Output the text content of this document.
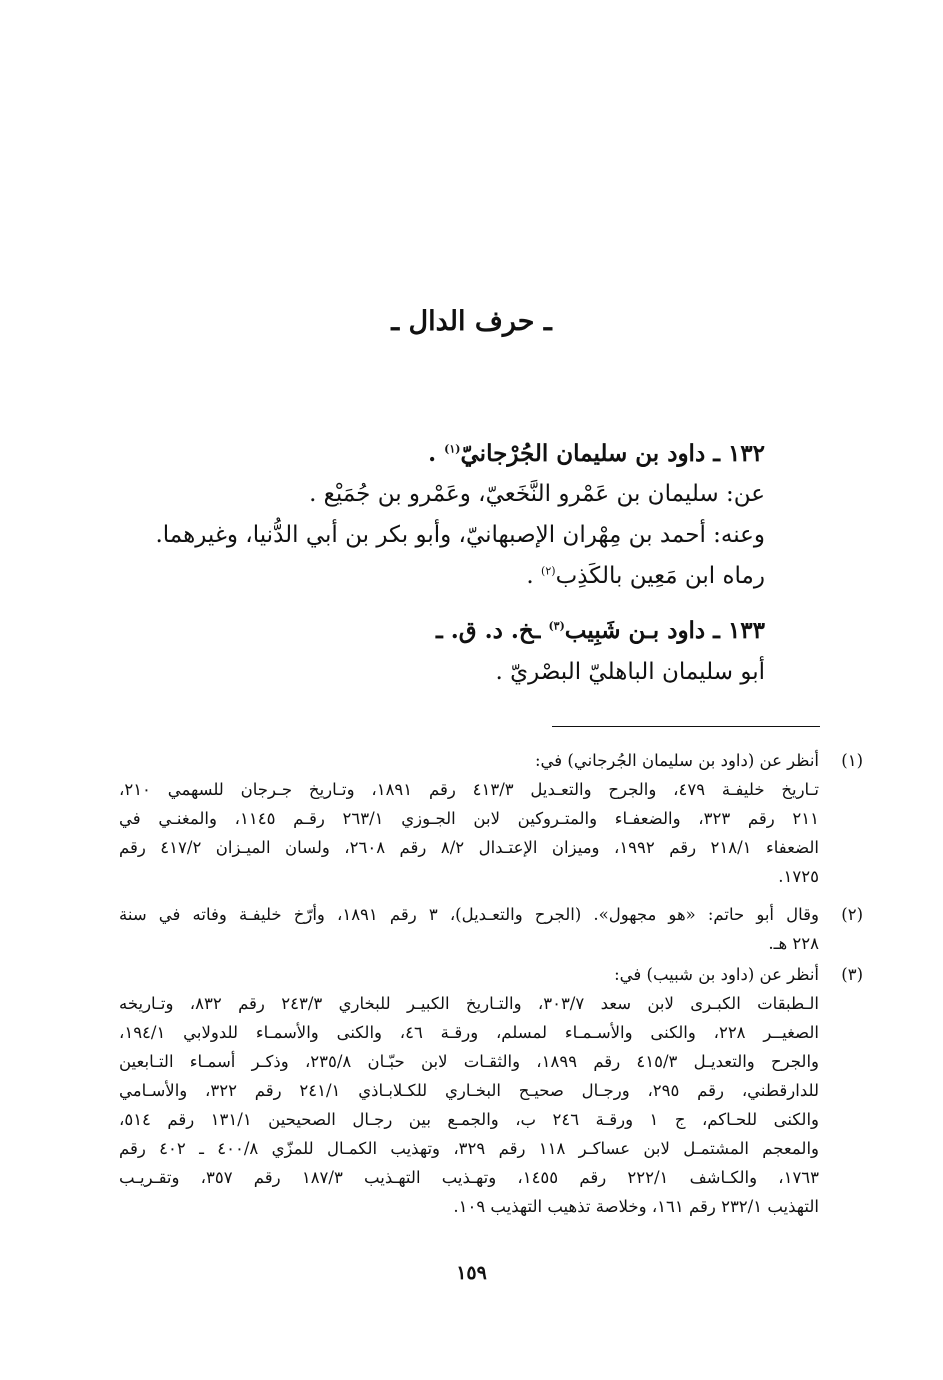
ـ حرف الدال ـ
١٣٢ ـ داود بن سليمان الجُرْجانيّ$^{(١)}$ .
عن: سليمان بن عَمْرو النَّخَعيّ، وعَمْرو بن جُمَيْع .
وعنه: أحمد بن مِهْران الإصبهانيّ، وأبو بكر بن أبي الدُّنيا، وغيرهما.
رماه ابن مَعِين بالكَذِب$^{(٢)}$ .
١٣٣ ـ داود بـن شَبِيب$^{(٣)}$ ـخ. د. ق. ـ
أبو سليمان الباهليّ البصْريّ .
(١)
أنظر عن (داود بن سليمان الجُرجاني) في:
تـاريخ خليفـة ٤٧٩، والجرح والتعـديل ٤١٣/٣ رقم ١٨٩١، وتـاريخ جـرجان للسهمي ٢١٠،
٢١١ رقم ٣٢٣، والضعفـاء والمتـروكين لابن الجـوزي ٢٦٣/١ رقـم ١١٤٥، والمغنـي في
الضعفاء ٢١٨/١ رقم ١٩٩٢، وميزان الإعتـدال ٨/٢ رقم ٢٦٠٨، ولسان الميـزان ٤١٧/٢ رقم
١٧٢٥.
(٢)
وقال أبو حاتم: «هو مجهول». (الجرح والتعـديل)، ٣ رقم ١٨٩١، وأرّخ خليفـة وفاته في سنة
٢٢٨ هـ.
(٣)
أنظر عن (داود بن شبيب) في:
الـطبقات الكبـرى لابن سعد ٣٠٣/٧، والتـاريخ الكبيـر للبخاري ٢٤٣/٣ رقم ٨٣٢، وتـاريخه
الصغيــر ٢٢٨، والكنى والأسـمـاء لمسلم، ورقـة ٤٦، والكنى والأسمـاء للدولابي ١٩٤/١،
والجرح والتعديـل ٤١٥/٣ رقم ١٨٩٩، والثقـات لابن حبّـان ٢٣٥/٨، وذكـر أسمـاء التـابعين
للدارقطني، رقم ٢٩٥، ورجـال صحيـح البخـاري للكـلابـاذي ٢٤١/١ رقم ٣٢٢، والأسـامي
والكنى للحـاكم، ج ١ ورقـة ٢٤٦ ب، والجمـع بين رجـال الصحيحين ١٣١/١ رقم ٥١٤،
والمعجم المشتمـل لابن عساكـر ١١٨ رقم ٣٢٩، وتهذيب الكمـال للمزّي ٤٠٠/٨ ـ ٤٠٢ رقم
١٧٦٣، والكـاشف ٢٢٢/١ رقم ١٤٥٥، وتهـذيب التهـذيب ١٨٧/٣ رقم ٣٥٧، وتقـريـب
التهذيب ٢٣٢/١ رقم ١٦١، وخلاصة تذهيب التهذيب ١٠٩.
١٥٩
